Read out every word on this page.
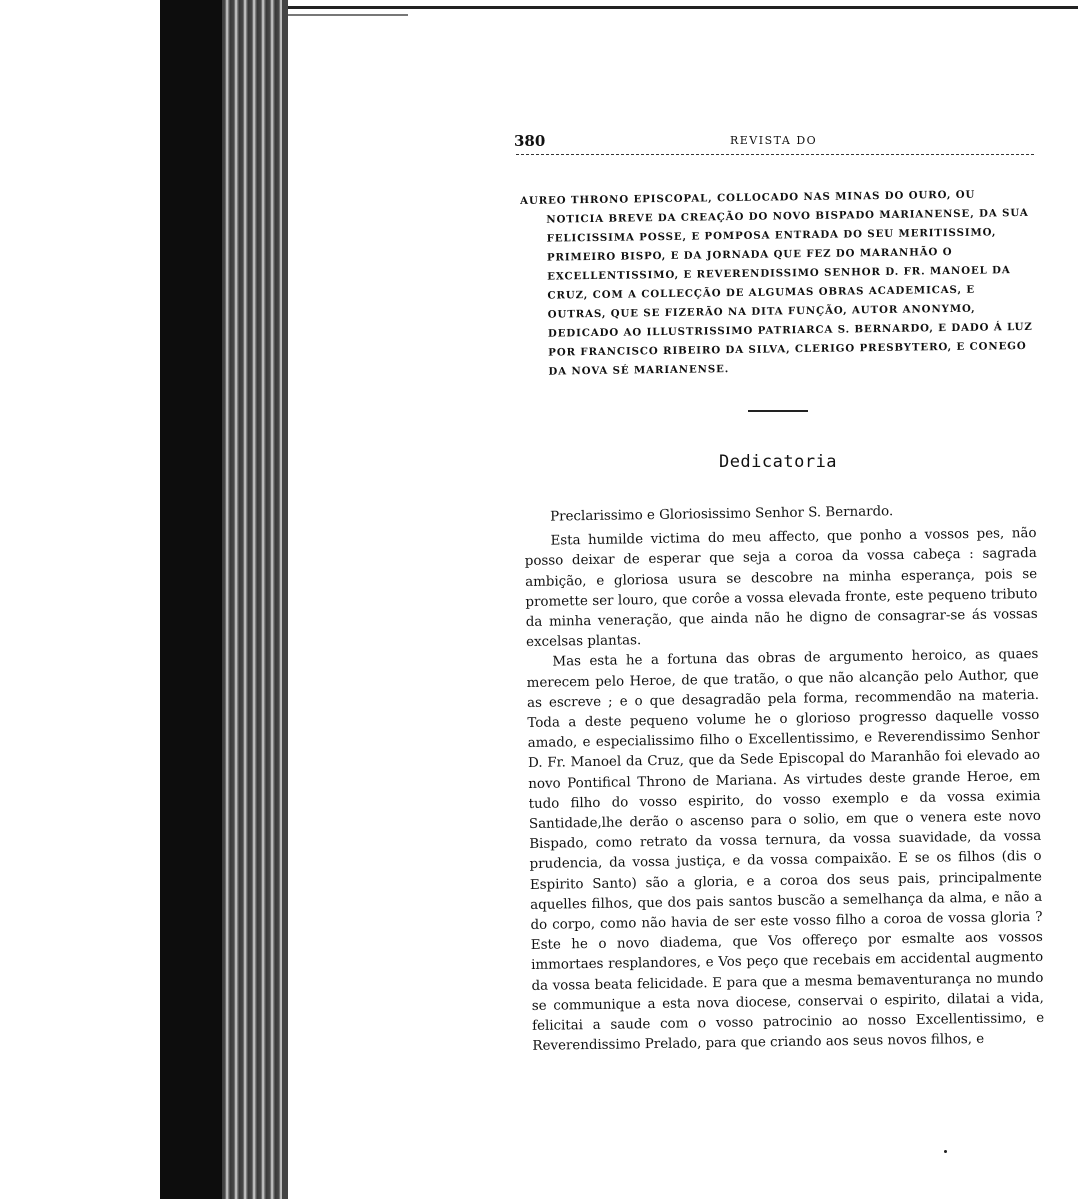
380	REVISTA DO
AUREO THRONO EPISCOPAL, COLLOCADO NAS MINAS DO OURO, OU NOTICIA BREVE DA CREAÇÃO DO NOVO BISPADO MARIANENSE, DA SUA FELICISSIMA POSSE, E POMPOSA ENTRADA DO SEU MERITISSIMO, PRIMEIRO BISPO, E DA JORNADA QUE FEZ DO MARANHÃO O EXCELLENTISSIMO, E REVERENDISSIMO SENHOR D. FR. MANOEL DA CRUZ, COM A COLLECÇÃO DE ALGUMAS OBRAS ACADEMICAS, E OUTRAS, QUE SE FIZERÃO NA DITA FUNÇÃO, AUTOR ANONYMO, DEDICADO AO ILLUSTRISSIMO PATRIARCA S. BERNARDO, E DADO Á LUZ POR FRANCISCO RIBEIRO DA SILVA, CLERIGO PRESBYTERO, E CONEGO DA NOVA SÉ MARIANENSE.
Dedicatoria

Preclarissimo e Gloriosissimo Senhor S. Bernardo.

Esta humilde victima do meu affecto, que ponho a vossos pes, não posso deixar de esperar que seja a coroa da vossa cabeça : sagrada ambição, e gloriosa usura se descobre na minha esperança, pois se promette ser louro, que corôe a vossa elevada fronte, este pequeno tributo da minha veneração, que ainda não he digno de consagrar-se ás vossas excelsas plantas.

Mas esta he a fortuna das obras de argumento heroico, as quaes merecem pelo Heroe, de que tratão, o que não alcanção pelo Author, que as escreve ; e o que desagradão pela forma, recommendão na materia. Toda a deste pequeno volume he o glorioso progresso daquelle vosso amado, e especialissimo filho o Excellentissimo, e Reverendissimo Senhor D. Fr. Manoel da Cruz, que da Sede Episcopal do Maranhão foi elevado ao novo Pontifical Throno de Mariana. As virtudes deste grande Heroe, em tudo filho do vosso espirito, do vosso exemplo e da vossa eximia Santidade,lhe derão o ascenso para o solio, em que o venera este novo Bispado, como retrato da vossa ternura, da vossa suavidade, da vossa prudencia, da vossa justiça, e da vossa compaixão. E se os filhos (dis o Espirito Santo) são a gloria, e a coroa dos seus pais, principalmente aquelles filhos, que dos pais santos buscão a semelhança da alma, e não a do corpo, como não havia de ser este vosso filho a coroa de vossa gloria ? Este he o novo diadema, que Vos offereço por esmalte aos vossos immortaes resplandores, e Vos peço que recebais em accidental augmento da vossa beata felicidade. E para que a mesma bemaventurança no mundo se communique a esta nova diocese, conservai o espirito, dilatai a vida, felicitai a saude com o vosso patrocinio ao nosso Excellentissimo, e Reverendissimo Prelado, para que criando aos seus novos filhos, e
